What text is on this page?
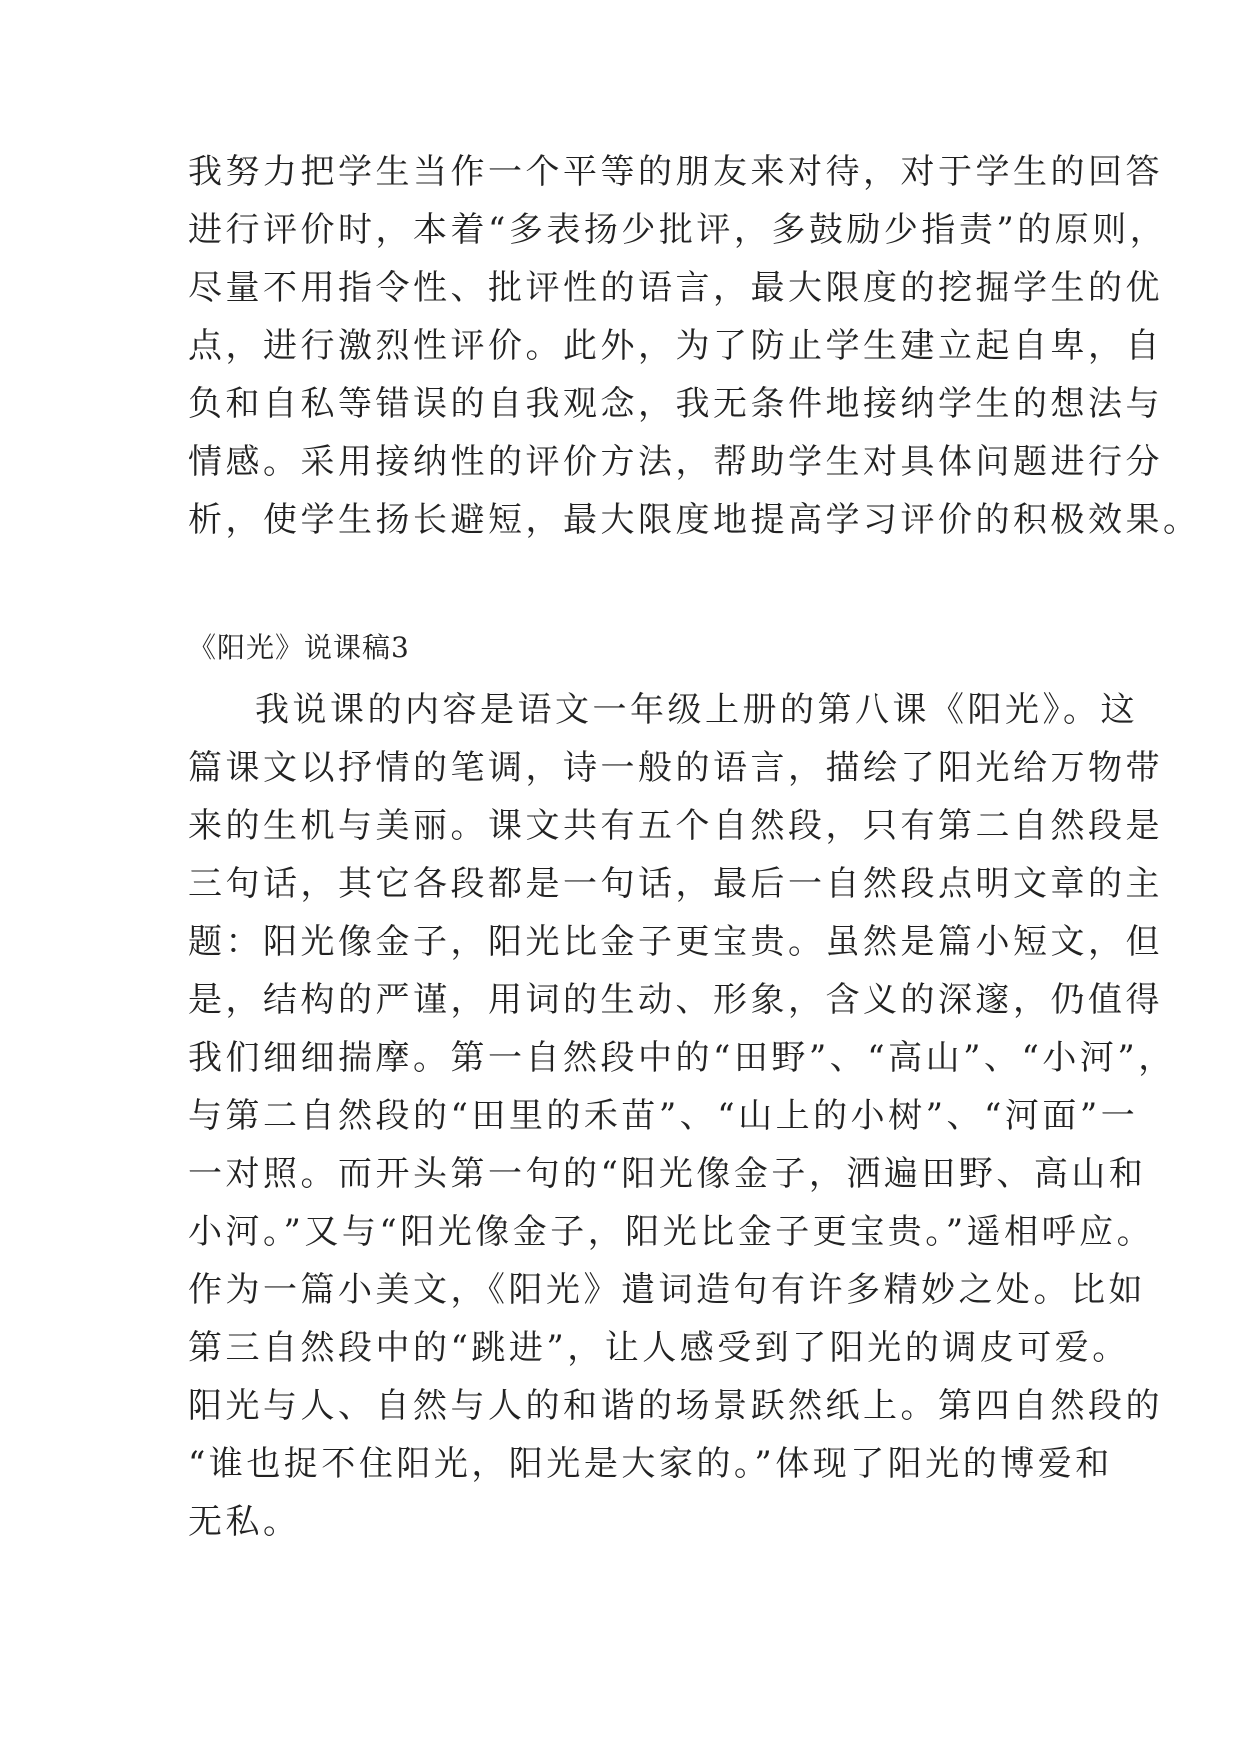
我努力把学生当作一个平等的朋友来对待，对于学生的回答

进行评价时，本着“多表扬少批评，多鼓励少指责”的原则，

尽量不用指令性、批评性的语言，最大限度的挖掘学生的优

点，进行激烈性评价。此外，为了防止学生建立起自卑，自

负和自私等错误的自我观念，我无条件地接纳学生的想法与

情感。采用接纳性的评价方法，帮助学生对具体问题进行分

析，使学生扬长避短，最大限度地提高学习评价的积极效果。

《阳光》说课稿3

我说课的内容是语文一年级上册的第八课《阳光》。这

篇课文以抒情的笔调，诗一般的语言，描绘了阳光给万物带

来的生机与美丽。课文共有五个自然段，只有第二自然段是

三句话，其它各段都是一句话，最后一自然段点明文章的主

题：阳光像金子，阳光比金子更宝贵。虽然是篇小短文，但

是，结构的严谨，用词的生动、形象，含义的深邃，仍值得

我们细细揣摩。第一自然段中的“田野”、“高山”、“小河”，

与第二自然段的“田里的禾苗”、“山上的小树”、“河面”一

一对照。而开头第一句的“阳光像金子，洒遍田野、高山和

小河。”又与“阳光像金子，阳光比金子更宝贵。”遥相呼应。

作为一篇小美文，《阳光》遣词造句有许多精妙之处。比如

第三自然段中的“跳进”，让人感受到了阳光的调皮可爱。

阳光与人、自然与人的和谐的场景跃然纸上。第四自然段的

“谁也捉不住阳光，阳光是大家的。”体现了阳光的博爱和

无私。
